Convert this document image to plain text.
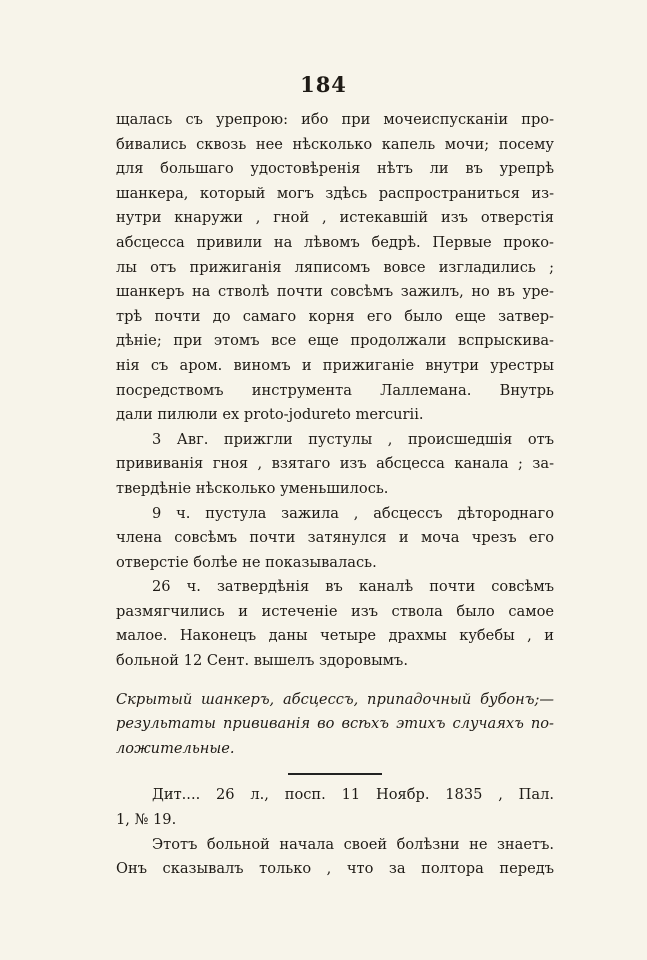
184
щалась съ урепрою: ибо при мочеиспусканіи про-
бивались сквозь нее нѣсколько капель мочи; посему
для большаго удостовѣренія нѣтъ ли въ урепрѣ
шанкера, который могъ здѣсь распространиться из-
нутри кнаружи , гной , истекавшій изъ отверстія
абсцесса привили на лѣвомъ бедрѣ. Первые проко-
лы отъ прижиганія ляписомъ вовсе изгладились ;
шанкеръ на стволѣ почти совсѣмъ зажилъ, но въ уре-
трѣ почти до самаго корня его было еще затвер-
дѣніе; при этомъ все еще продолжали вспрыскива-
нія съ аром. виномъ и прижиганіе внутри урестры
посредствомъ инструмента Лаллемана. Внутрь
дали пилюли ex proto-jodureto mercurii.
3 Авг. прижгли пустулы , происшедшія отъ
прививанія гноя , взятаго изъ абсцесса канала ; за-
твердѣніе нѣсколько уменьшилось.
9 ч. пустула зажила , абсцессъ дѣтороднаго
члена совсѣмъ почти затянулся и моча чрезъ его
отверстіе болѣе не показывалась.
26 ч. затвердѣнія въ каналѣ почти совсѣмъ
размягчились и истеченіе изъ ствола было самое
малое. Наконецъ даны четыре драхмы кубебы , и
больной 12 Сент. вышелъ здоровымъ.
Скрытый шанкеръ, абсцессъ, припадочный бубонъ;—
результаты прививанія во всѣхъ этихъ случаяхъ по-
ложительные.
Дит.... 26 л., посп. 11 Ноябр. 1835 , Пал.
1, № 19.
Этотъ больной начала своей болѣзни не знаетъ.
Онъ сказывалъ только , что за полтора передъ
